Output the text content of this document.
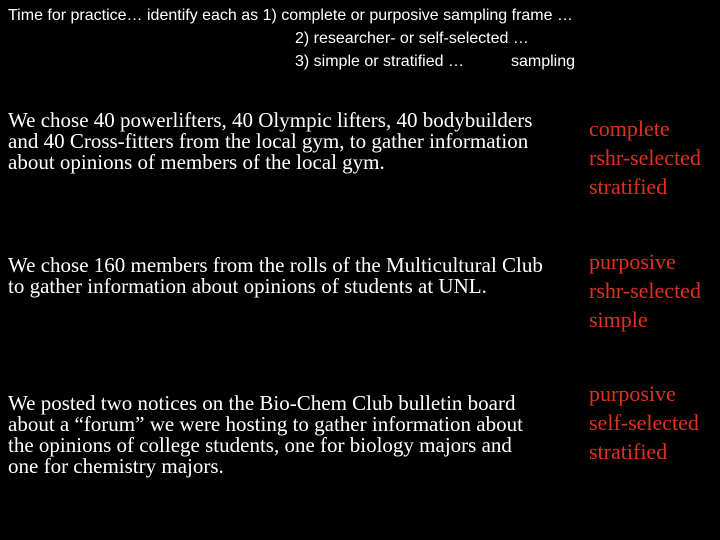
Time for practice… identify each as 1) complete or purposive sampling frame …
2) researcher- or self-selected …
3) simple or stratified …	sampling
We chose 40 powerlifters, 40 Olympic lifters, 40 bodybuilders and 40 Cross-fitters from the local gym, to gather information about opinions of members of the local gym.
complete
rshr-selected
stratified
We chose 160 members from the rolls of the Multicultural Club to gather information about opinions of students at UNL.
purposive
rshr-selected
simple
We posted two notices on the Bio-Chem Club bulletin board about a “forum” we were hosting to gather information about the opinions of college students, one for biology majors and one for chemistry majors.
purposive
self-selected
stratified
